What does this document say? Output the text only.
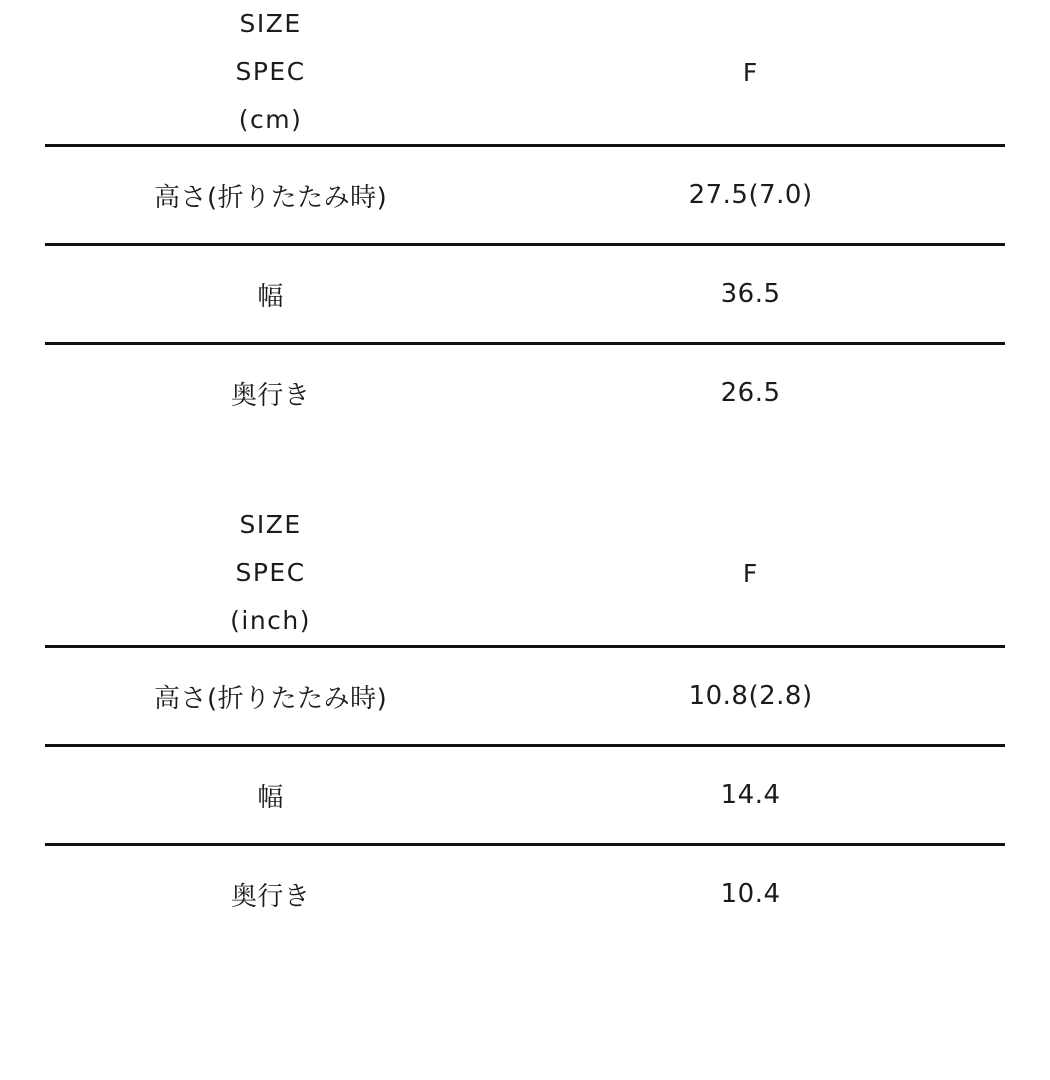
SIZE
SPEC
(cm)	F

高さ(折りたたみ時)	27.5(7.0)

幅	36.5

奥行き	26.5
SIZE
SPEC
(inch)	F

高さ(折りたたみ時)	10.8(2.8)

幅	14.4

奥行き	10.4
